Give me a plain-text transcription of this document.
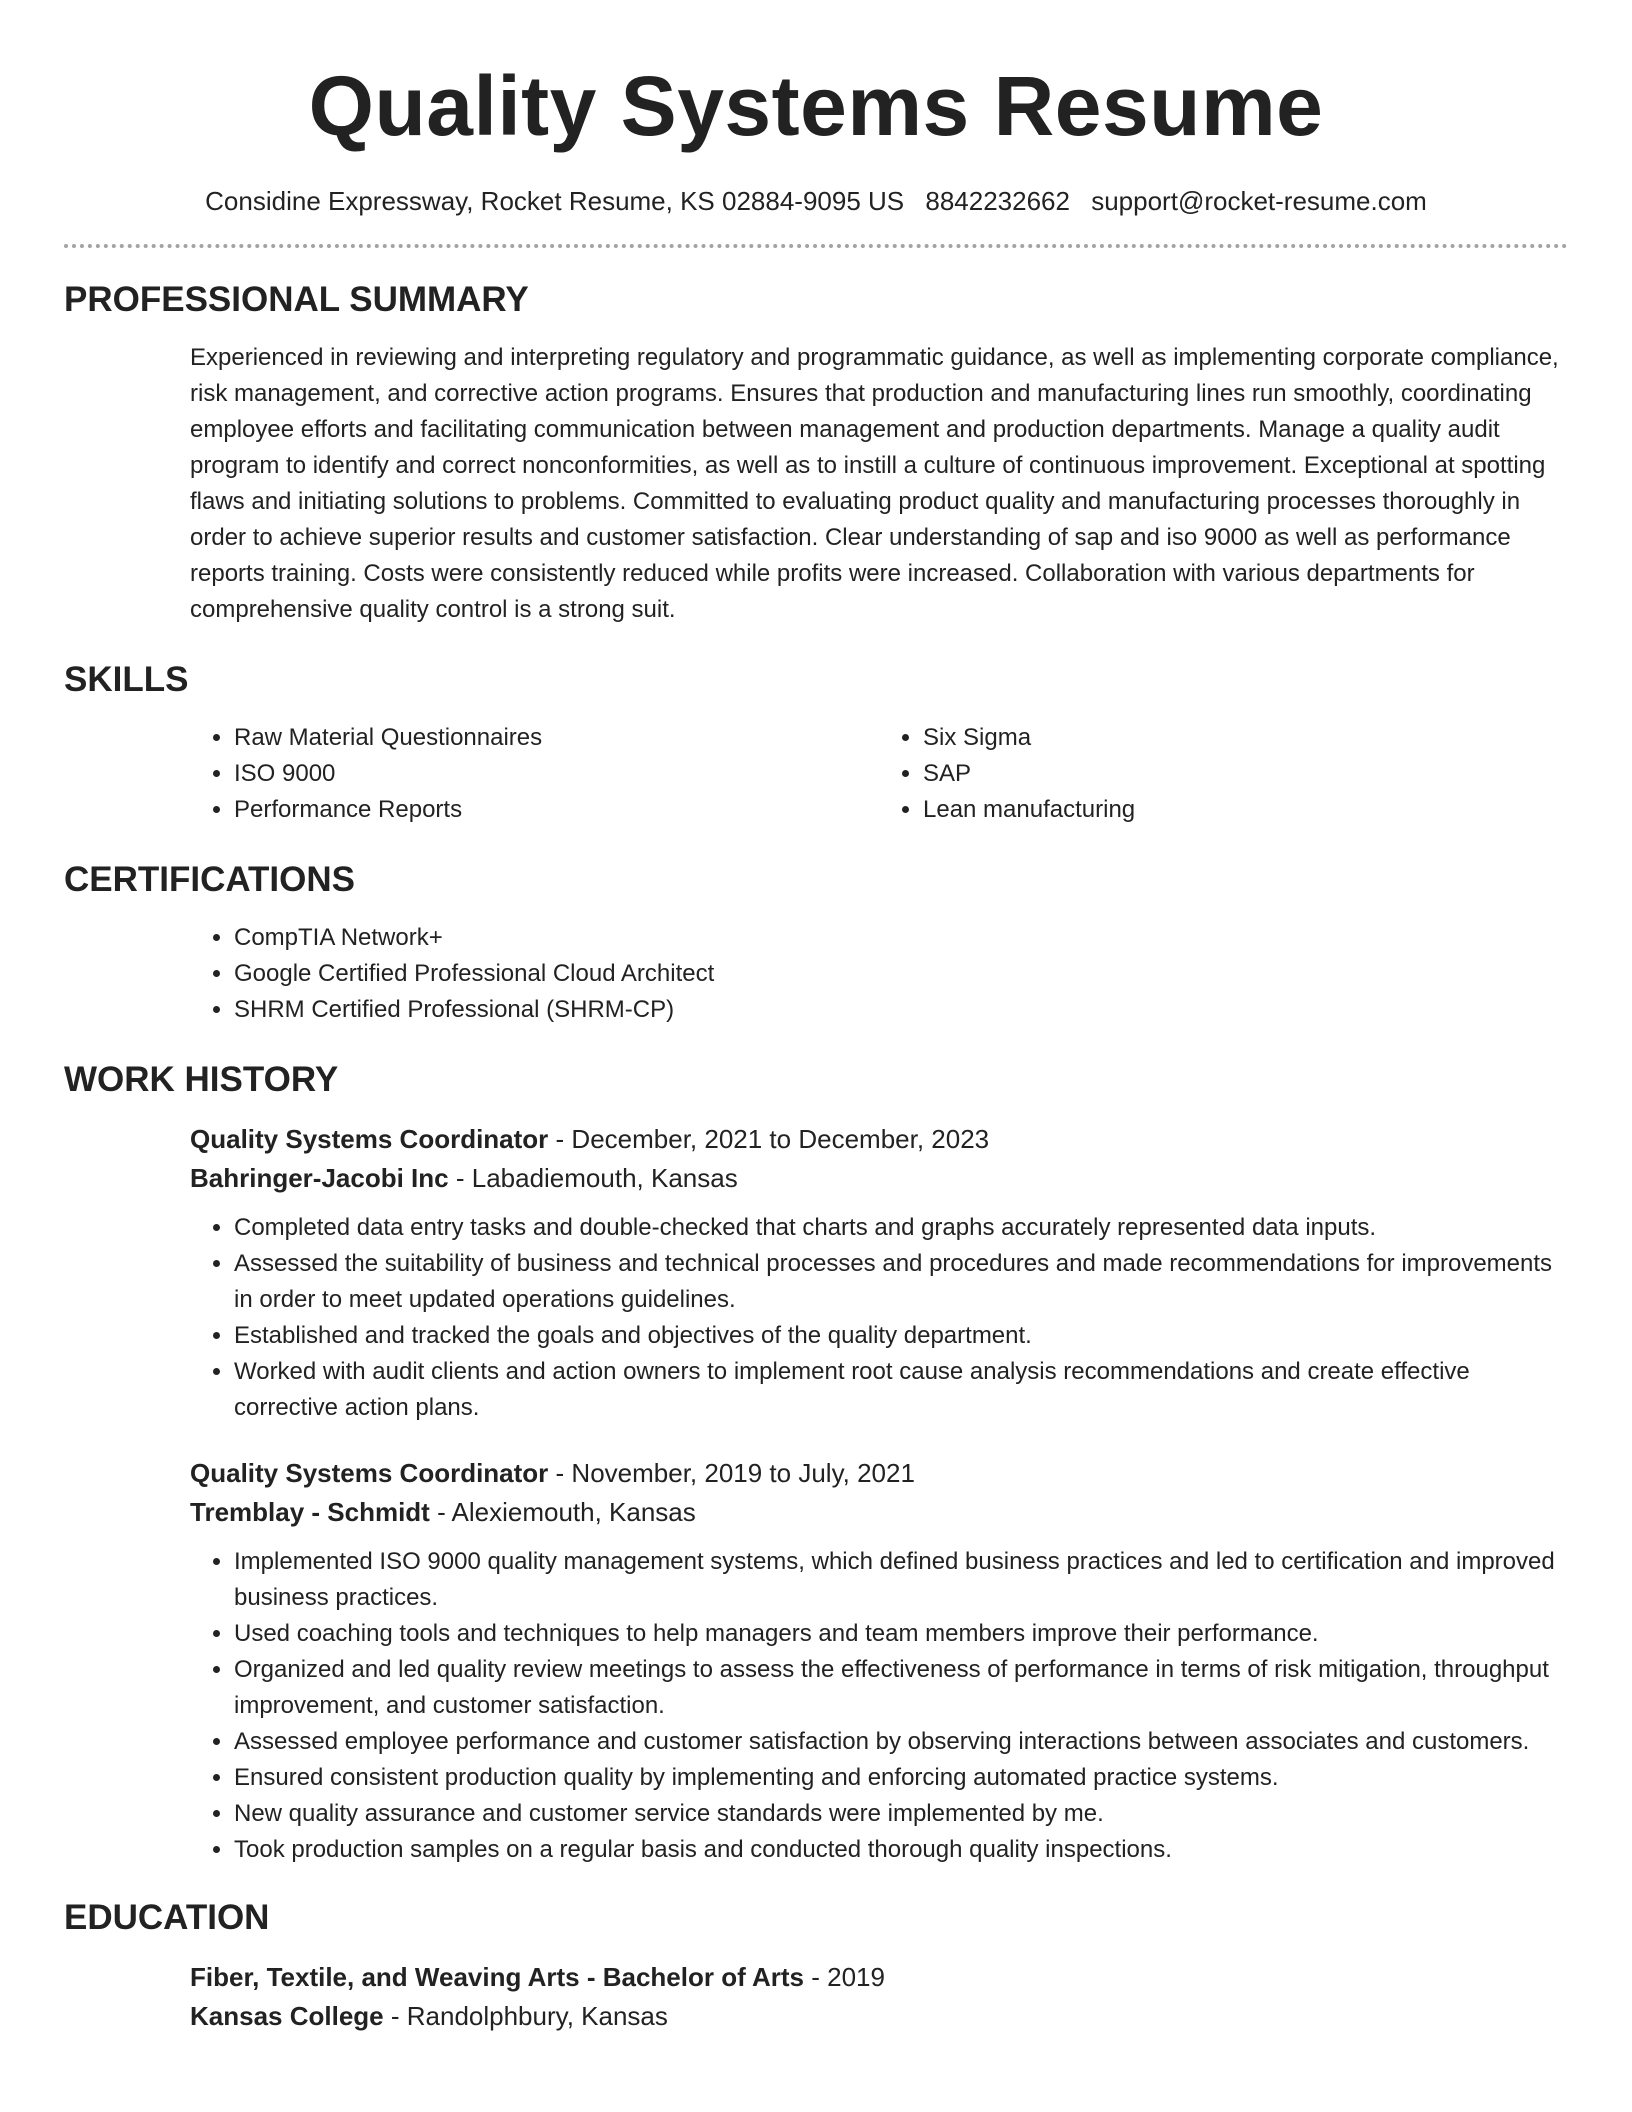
Quality Systems Resume
Considine Expressway, Rocket Resume, KS 02884-9095 US 8842232662 support@rocket-resume.com
PROFESSIONAL SUMMARY

Experienced in reviewing and interpreting regulatory and programmatic guidance, as well as implementing corporate compliance, risk management, and corrective action programs. Ensures that production and manufacturing lines run smoothly, coordinating employee efforts and facilitating communication between management and production departments. Manage a quality audit program to identify and correct nonconformities, as well as to instill a culture of continuous improvement. Exceptional at spotting flaws and initiating solutions to problems. Committed to evaluating product quality and manufacturing processes thoroughly in order to achieve superior results and customer satisfaction. Clear understanding of sap and iso 9000 as well as performance reports training. Costs were consistently reduced while profits were increased. Collaboration with various departments for comprehensive quality control is a strong suit.

SKILLS
• Raw Material Questionnaires
• ISO 9000
• Performance Reports
• Six Sigma
• SAP
• Lean manufacturing
CERTIFICATIONS
• CompTIA Network+
• Google Certified Professional Cloud Architect
• SHRM Certified Professional (SHRM-CP)
WORK HISTORY
Quality Systems Coordinator - December, 2021 to December, 2023
Bahringer-Jacobi Inc - Labadiemouth, Kansas
• Completed data entry tasks and double-checked that charts and graphs accurately represented data inputs.
• Assessed the suitability of business and technical processes and procedures and made recommendations for improvements in order to meet updated operations guidelines.
• Established and tracked the goals and objectives of the quality department.
• Worked with audit clients and action owners to implement root cause analysis recommendations and create effective corrective action plans.
Quality Systems Coordinator - November, 2019 to July, 2021
Tremblay - Schmidt - Alexiemouth, Kansas
• Implemented ISO 9000 quality management systems, which defined business practices and led to certification and improved business practices.
• Used coaching tools and techniques to help managers and team members improve their performance.
• Organized and led quality review meetings to assess the effectiveness of performance in terms of risk mitigation, throughput improvement, and customer satisfaction.
• Assessed employee performance and customer satisfaction by observing interactions between associates and customers.
• Ensured consistent production quality by implementing and enforcing automated practice systems.
• New quality assurance and customer service standards were implemented by me.
• Took production samples on a regular basis and conducted thorough quality inspections.
EDUCATION
Fiber, Textile, and Weaving Arts - Bachelor of Arts - 2019
Kansas College - Randolphbury, Kansas
